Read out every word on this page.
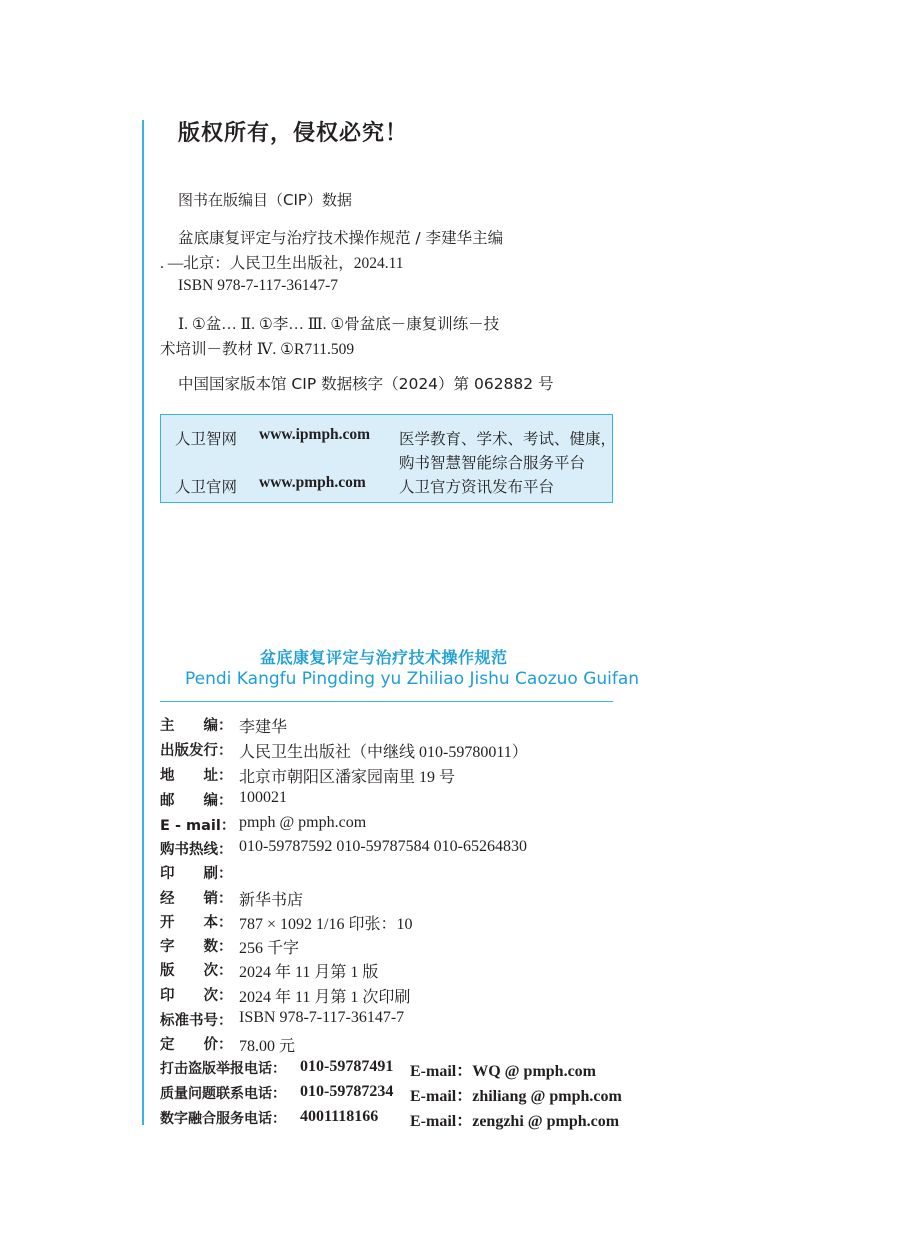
版权所有，侵权必究！
图书在版编目（CIP）数据
盆底康复评定与治疗技术操作规范 / 李建华主编
. —北京：人民卫生出版社，2024.11
ISBN 978-7-117-36147-7
Ⅰ. ①盆… Ⅱ. ①李… Ⅲ. ①骨盆底－康复训练－技
术培训－教材 Ⅳ. ①R711.509
中国国家版本馆 CIP 数据核字（2024）第 062882 号
人卫智网 www.ipmph.com 医学教育、学术、考试、健康，
购书智慧智能综合服务平台
人卫官网 www.pmph.com 人卫官方资讯发布平台
盆底康复评定与治疗技术操作规范
Pendi Kangfu Pingding yu Zhiliao Jishu Caozuo Guifan
主　　编： 李建华
出版发行： 人民卫生出版社（中继线 010-59780011）
地　　址： 北京市朝阳区潘家园南里 19 号
邮　　编： 100021
E - mail： pmph @ pmph.com
购书热线： 010-59787592 010-59787584 010-65264830
印　　刷：
经　　销： 新华书店
开　　本： 787 × 1092 1/16 印张：10
字　　数： 256 千字
版　　次： 2024 年 11 月第 1 版
印　　次： 2024 年 11 月第 1 次印刷
标准书号： ISBN 978-7-117-36147-7
定　　价： 78.00 元
打击盗版举报电话： 010-59787491 E-mail：WQ @ pmph.com
质量问题联系电话： 010-59787234 E-mail：zhiliang @ pmph.com
数字融合服务电话： 4001118166 E-mail：zengzhi @ pmph.com
